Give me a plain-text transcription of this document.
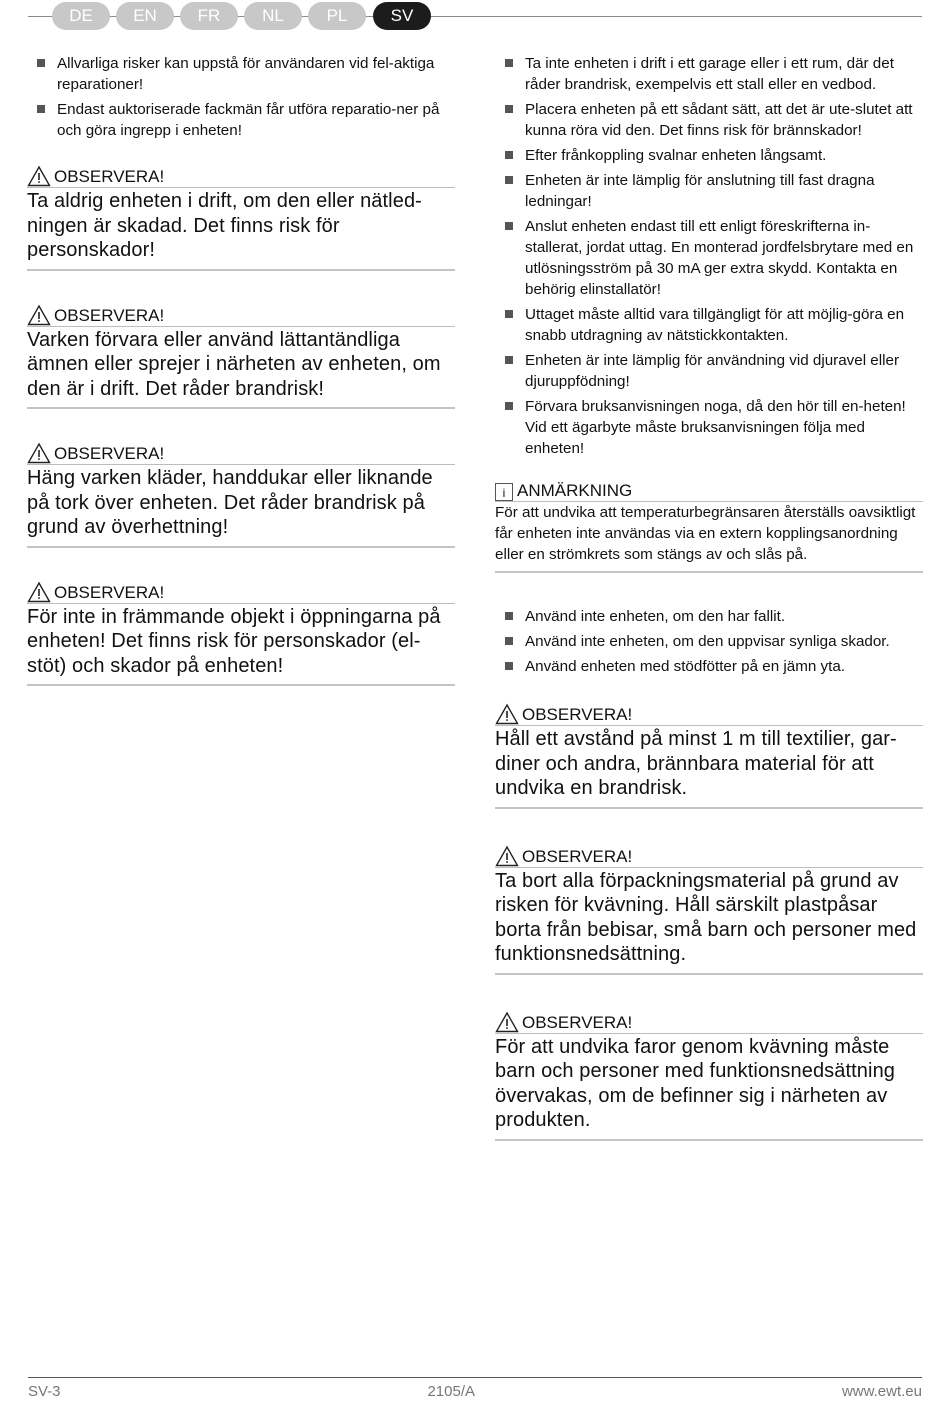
DE	EN	FR	NL	PL	SV
Allvarliga risker kan uppstå för användaren vid fel-aktiga reparationer!
Endast auktoriserade fackmän får utföra reparatio-ner på och göra ingrepp i enheten!
OBSERVERA!
Ta aldrig enheten i drift, om den eller nätled-ningen är skadad. Det finns risk för personskador!
OBSERVERA!
Varken förvara eller använd lättantändliga ämnen eller sprejer i närheten av enheten, om den är i drift. Det råder brandrisk!
OBSERVERA!
Häng varken kläder, handdukar eller liknande på tork över enheten. Det råder brandrisk på grund av överhettning!
OBSERVERA!
För inte in främmande objekt i öppningarna på enheten! Det finns risk för personskador (el-stöt) och skador på enheten!
Ta inte enheten i drift i ett garage eller i ett rum, där det råder brandrisk, exempelvis ett stall eller en vedbod.
Placera enheten på ett sådant sätt, att det är ute-slutet att kunna röra vid den. Det finns risk för brännskador!
Efter frånkoppling svalnar enheten långsamt.
Enheten är inte lämplig för anslutning till fast dragna ledningar!
Anslut enheten endast till ett enligt föreskrifterna in-stallerat, jordat uttag. En monterad jordfelsbrytare med en utlösningsström på 30 mA ger extra skydd. Kontakta en behörig elinstallatör!
Uttaget måste alltid vara tillgängligt för att möjlig-göra en snabb utdragning av nätstickkontakten.
Enheten är inte lämplig för användning vid djuravel eller djuruppfödning!
Förvara bruksanvisningen noga, då den hör till en-heten! Vid ett ägarbyte måste bruksanvisningen följa med enheten!
i ANMÄRKNING
För att undvika att temperaturbegränsaren återställs oavsiktligt får enheten inte användas via en extern kopplingsanordning eller en strömkrets som stängs av och slås på.
Använd inte enheten, om den har fallit.
Använd inte enheten, om den uppvisar synliga skador.
Använd enheten med stödfötter på en jämn yta.
OBSERVERA!
Håll ett avstånd på minst 1 m till textilier, gar-diner och andra, brännbara material för att undvika en brandrisk.
OBSERVERA!
Ta bort alla förpackningsmaterial på grund av risken för kvävning. Håll särskilt plastpåsar borta från bebisar, små barn och personer med funktionsnedsättning.
OBSERVERA!
För att undvika faror genom kvävning måste barn och personer med funktionsnedsättning övervakas, om de befinner sig i närheten av produkten.
SV-3	2105/A	www.ewt.eu
